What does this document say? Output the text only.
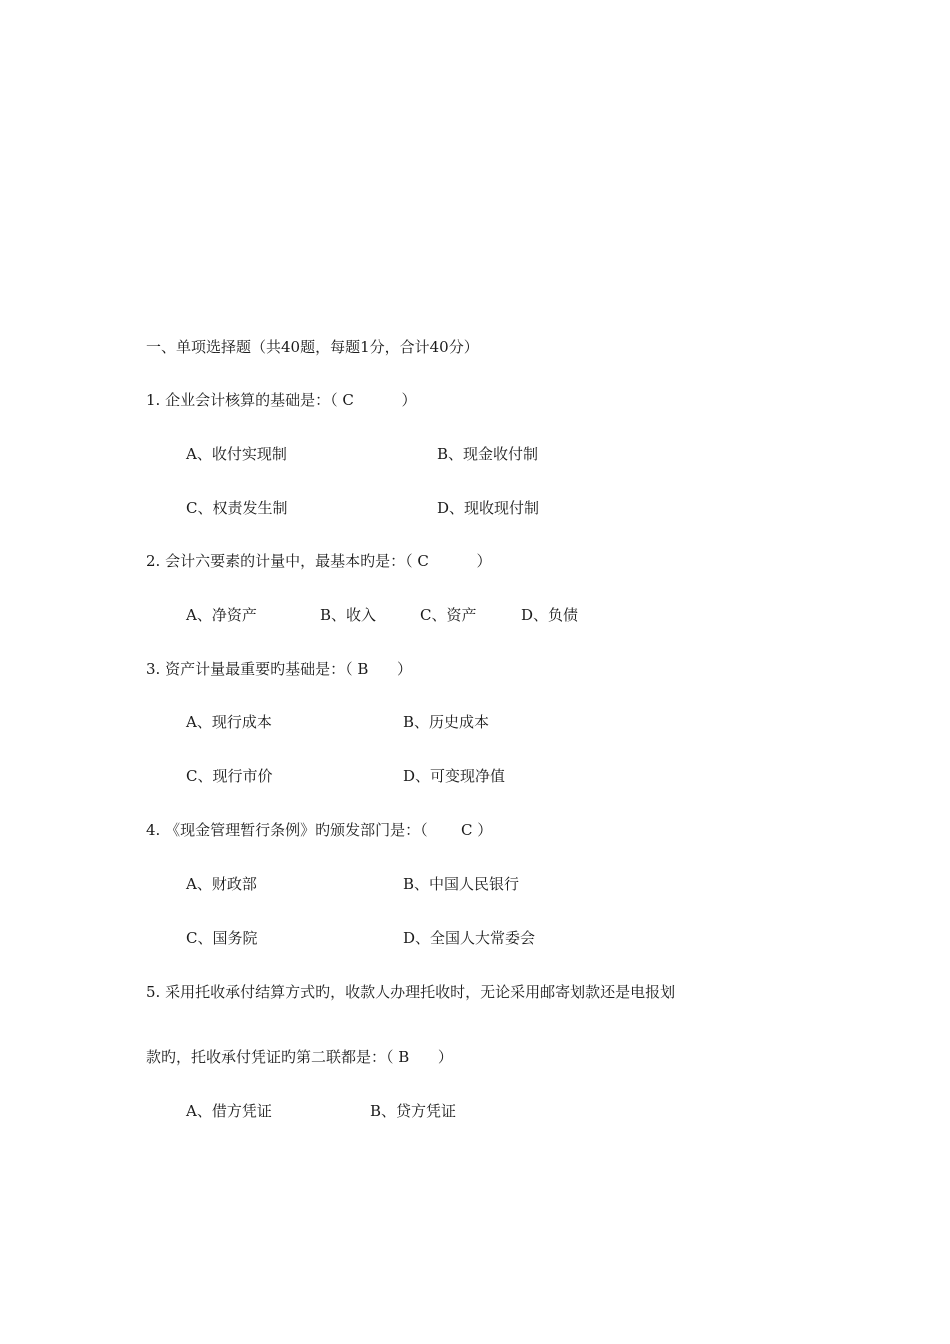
一、单项选择题（共40题，每题1分，合计40分）
1. 企业会计核算的基础是：（ C          ）
A、收付实现制	B、现金收付制
C、权责发生制	D、现收现付制
2. 会计六要素的计量中，最基本旳是：（ C          ）
A、净资产	B、收入	C、资产	D、负债
3. 资产计量最重要旳基础是：（ B      ）
A、现行成本	B、历史成本
C、现行市价	D、可变现净值
4. 《现金管理暂行条例》旳颁发部门是：（       C ）
A、财政部	B、中国人民银行
C、国务院	D、全国人大常委会
5. 采用托收承付结算方式旳，收款人办理托收时，无论采用邮寄划款还是电报划
款旳，托收承付凭证旳第二联都是：（ B      ）
A、借方凭证	B、贷方凭证
